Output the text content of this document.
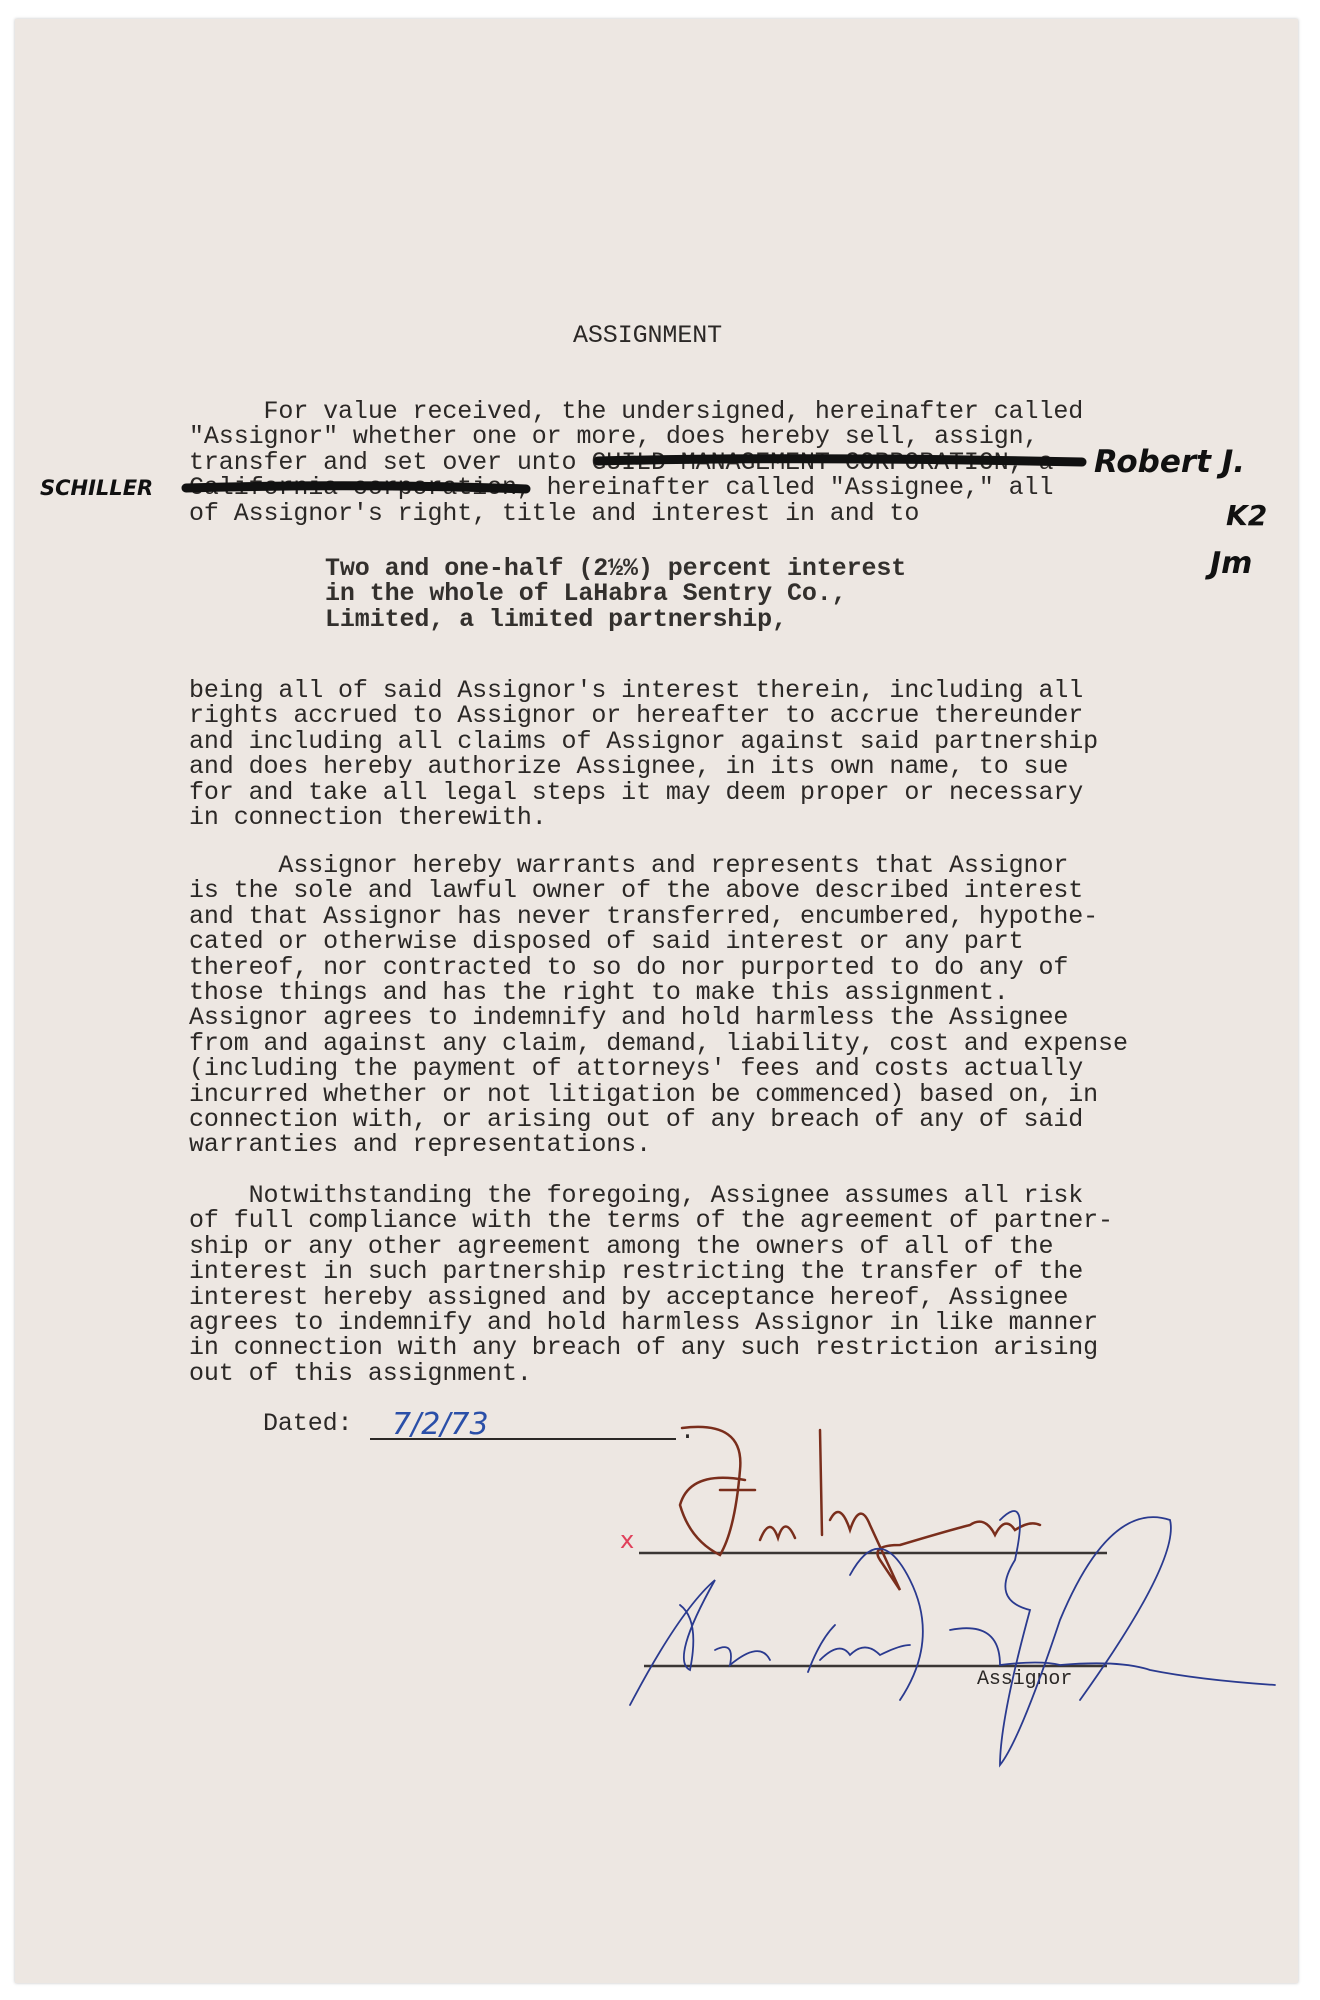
ASSIGNMENT
For value received, the undersigned, hereinafter called
"Assignor" whether one or more, does hereby sell, assign,
transfer and set over unto GUILD MANAGEMENT CORPORATION, a
California corporation, hereinafter called "Assignee," all
of Assignor's right, title and interest in and to
Two and one-half (2½%) percent interest
in the whole of LaHabra Sentry Co.,
Limited, a limited partnership,
being all of said Assignor's interest therein, including all
rights accrued to Assignor or hereafter to accrue thereunder
and including all claims of Assignor against said partnership
and does hereby authorize Assignee, in its own name, to sue
for and take all legal steps it may deem proper or necessary
in connection therewith.
Assignor hereby warrants and represents that Assignor
is the sole and lawful owner of the above described interest
and that Assignor has never transferred, encumbered, hypothe-
cated or otherwise disposed of said interest or any part
thereof, nor contracted to so do nor purported to do any of
those things and has the right to make this assignment.
Assignor agrees to indemnify and hold harmless the Assignee
from and against any claim, demand, liability, cost and expense
(including the payment of attorneys' fees and costs actually
incurred whether or not litigation be commenced) based on, in
connection with, or arising out of any breach of any of said
warranties and representations.
Notwithstanding the foregoing, Assignee assumes all risk
of full compliance with the terms of the agreement of partner-
ship or any other agreement among the owners of all of the
interest in such partnership restricting the transfer of the
interest hereby assigned and by acceptance hereof, Assignee
agrees to indemnify and hold harmless Assignor in like manner
in connection with any breach of any such restriction arising
out of this assignment.
Dated:
Assignor
SCHILLER
Robert J.
K2
Jm
.
7/2/73
x
